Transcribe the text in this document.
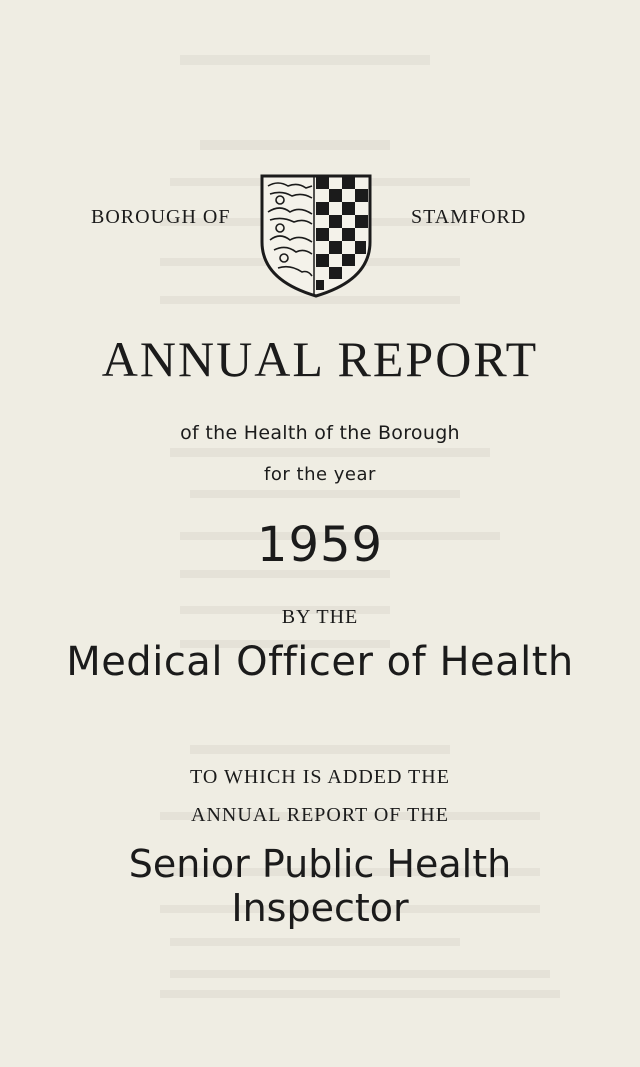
BOROUGH OF	STAMFORD
ANNUAL REPORT
of the Health of the Borough
for the year
1959
BY THE
Medical Officer of Health
TO WHICH IS ADDED THE
ANNUAL REPORT OF THE
Senior Public Health
Inspector
